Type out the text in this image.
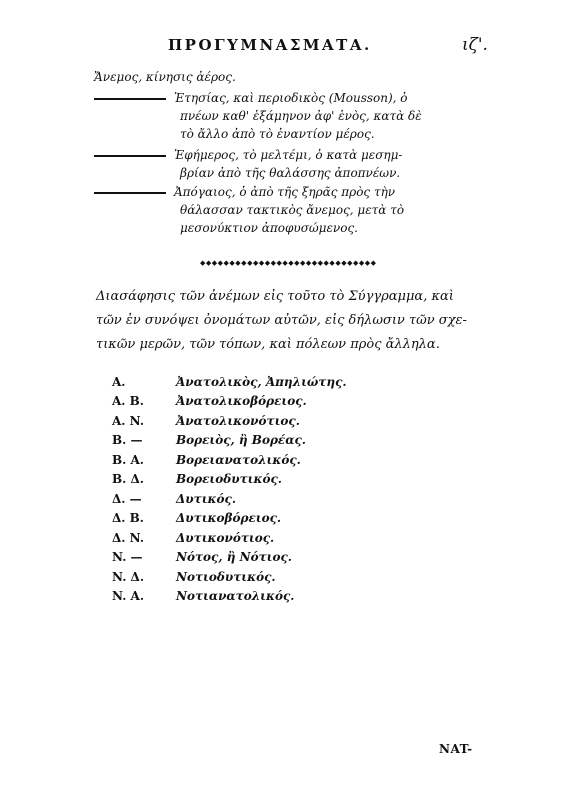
ΠΡΟΓΥΜΝΑΣΜΑΤΑ.	ιζ'.
Ἄνεμος, κίνησις ἀέρος.
Ἐτησίας, καὶ περιοδικὸς (Mousson), ὁ
πνέων καθ' ἑξάμηνον ἀφ' ἑνὸς, κατὰ δὲ
τὸ ἄλλο ἀπὸ τὸ ἐναντίον μέρος.
Ἐφήμερος, τὸ μελτέμι, ὁ κατὰ μεσημ-
βρίαν ἀπὸ τῆς θαλάσσης ἀποπνέων.
Ἀπόγαιος, ὁ ἀπὸ τῆς ξηρᾶς πρὸς τὴν
θάλασσαν τακτικὸς ἄνεμος, μετὰ τὸ
μεσονύκτιον ἀποφυσώμενος.
◆◆◆◆◆◆◆◆◆◆◆◆◆◆◆◆◆◆◆◆◆◆◆◆◆◆◆◆◆◆
Διασάφησις τῶν ἀνέμων εἰς τοῦτο τὸ Σύγγραμμα, καὶ
τῶν ἐν συνόψει ὀνομάτων αὐτῶν, εἰς δήλωσιν τῶν σχε-
τικῶν μερῶν, τῶν τόπων, καὶ πόλεων πρὸς ἄλληλα.
A.	Ἀνατολικὸς, Ἀπηλιώτης.
A. B.	Ἀνατολικοβόρειος.
A. N.	Ἀνατολικονότιος.
B. —	Βορειὸς, ἢ Βορέας.
B. A.	Βορειανατολικός.
B. Δ.	Βορειοδυτικός.
Δ. —	Δυτικός.
Δ. B.	Δυτικοβόρειος.
Δ. N.	Δυτικονότιος.
N. —	Νότος, ἢ Νότιος.
N. Δ.	Νοτιοδυτικός.
N. A.	Νοτιανατολικός.
NAT-
